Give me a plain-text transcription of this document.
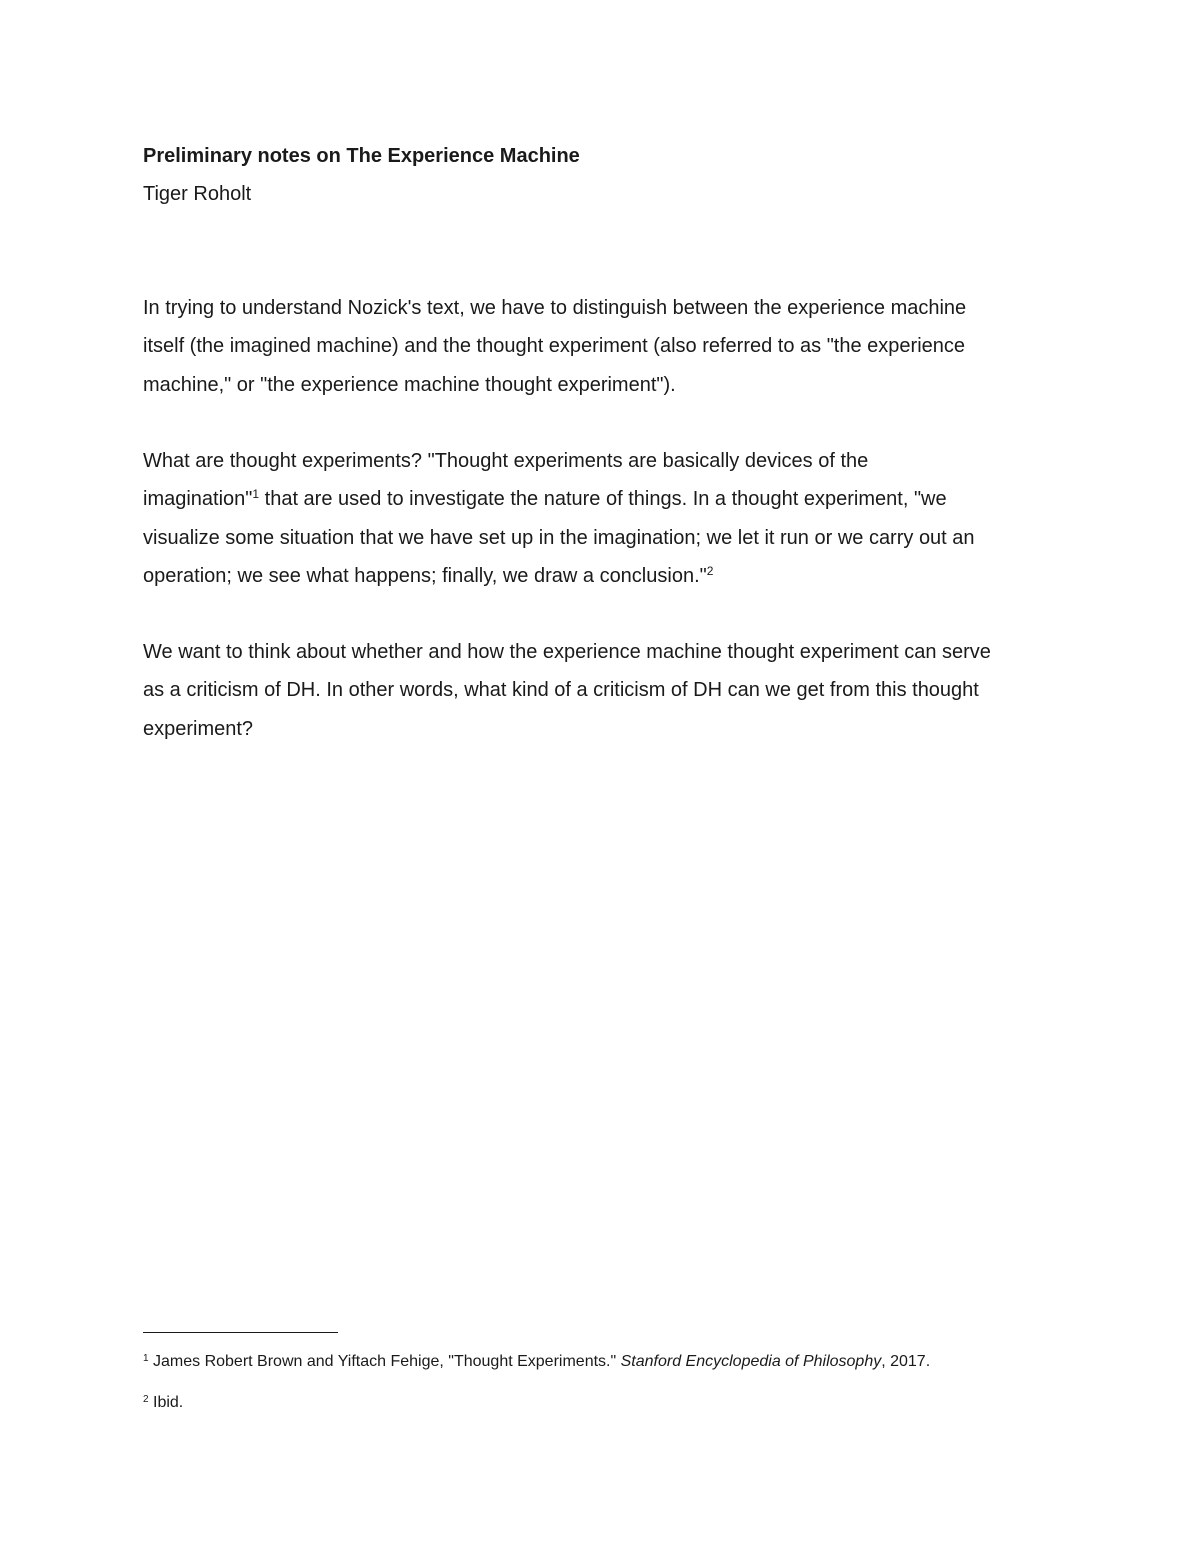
Preliminary notes on The Experience Machine
Tiger Roholt
In trying to understand Nozick's text, we have to distinguish between the experience machine
itself (the imagined machine) and the thought experiment (also referred to as "the experience
machine," or "the experience machine thought experiment").
What are thought experiments? "Thought experiments are basically devices of the
imagination"$^1$ that are used to investigate the nature of things. In a thought experiment, "we
visualize some situation that we have set up in the imagination; we let it run or we carry out an
operation; we see what happens; finally, we draw a conclusion."$^2$
We want to think about whether and how the experience machine thought experiment can serve
as a criticism of DH. In other words, what kind of a criticism of DH can we get from this thought
experiment?
$^1$ James Robert Brown and Yiftach Fehige, "Thought Experiments." Stanford Encyclopedia of Philosophy, 2017.
$^2$ Ibid.
